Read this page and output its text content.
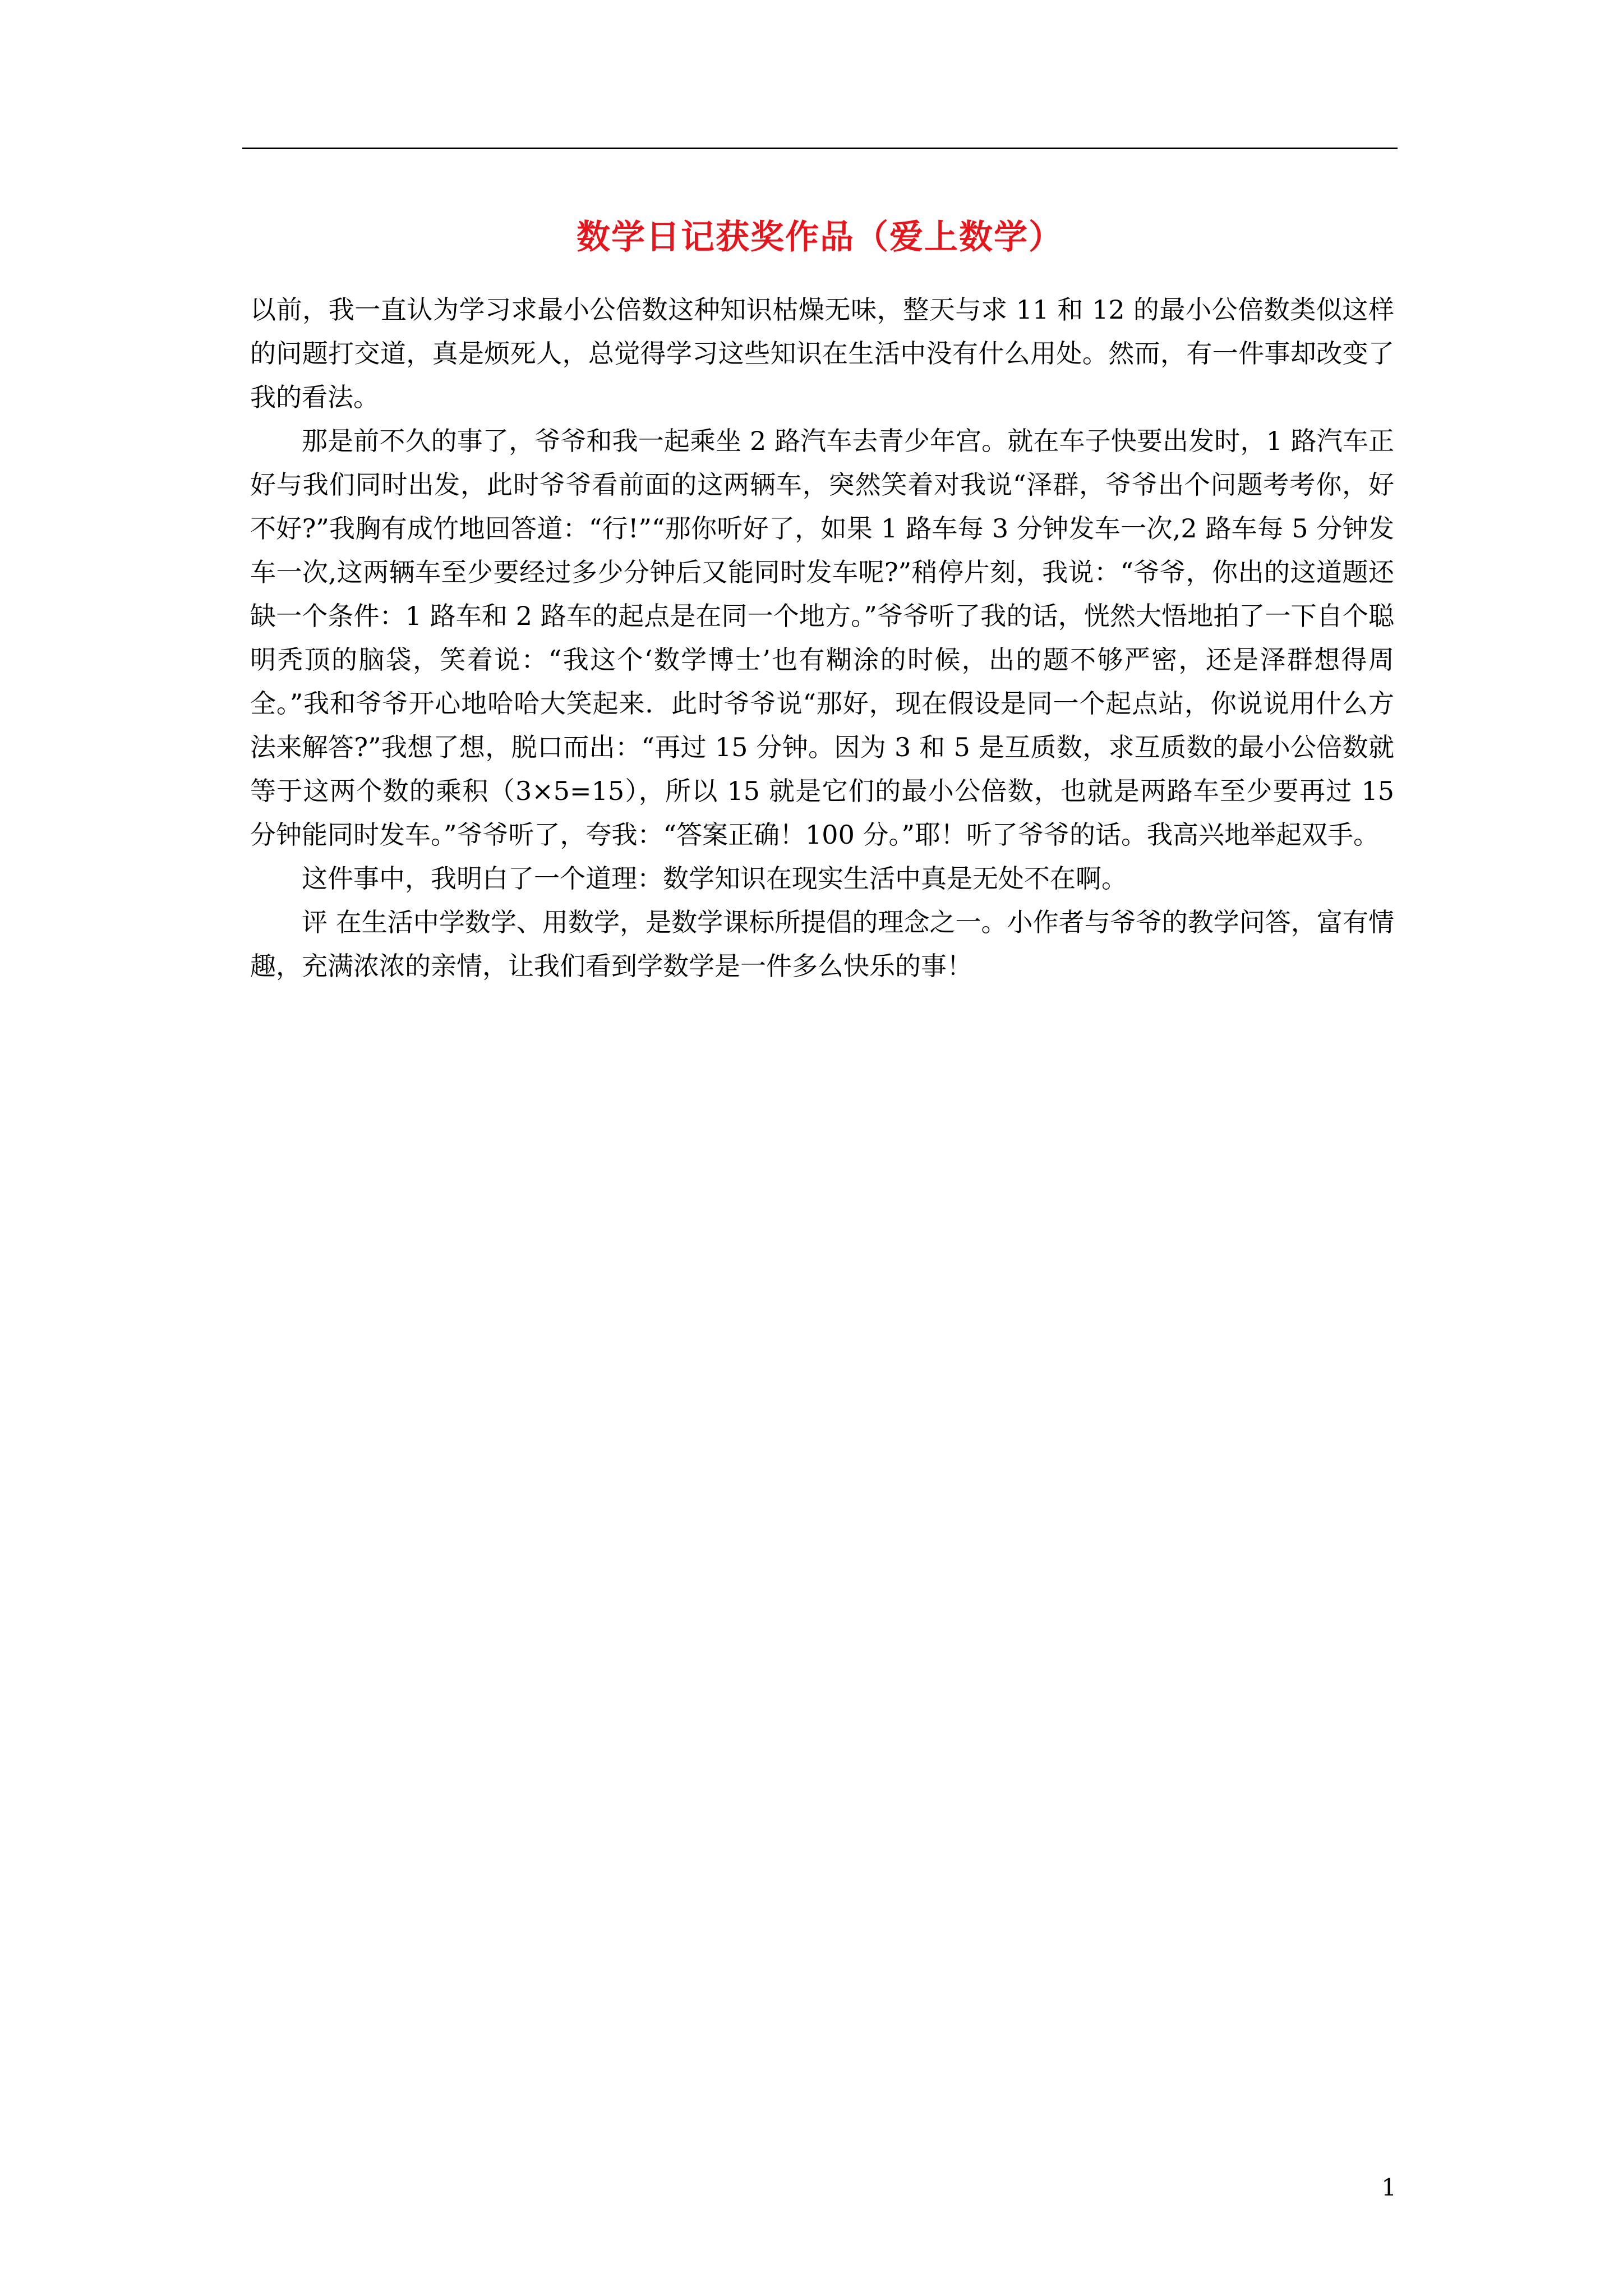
数学日记获奖作品（爱上数学）

以前，我一直认为学习求最小公倍数这种知识枯燥无味，整天与求 11 和 12 的最小公倍数类似这样的问题打交道，真是烦死人，总觉得学习这些知识在生活中没有什么用处。然而，有一件事却改变了我的看法。

那是前不久的事了，爷爷和我一起乘坐 2 路汽车去青少年宫。就在车子快要出发时，1 路汽车正好与我们同时出发，此时爷爷看前面的这两辆车，突然笑着对我说“泽群，爷爷出个问题考考你，好不好?”我胸有成竹地回答道：“行!”“那你听好了，如果 1 路车每 3 分钟发车一次,2 路车每 5 分钟发车一次,这两辆车至少要经过多少分钟后又能同时发车呢?”稍停片刻，我说：“爷爷，你出的这道题还缺一个条件：1 路车和 2 路车的起点是在同一个地方。”爷爷听了我的话，恍然大悟地拍了一下自个聪明秃顶的脑袋，笑着说：“我这个‘数学博士’也有糊涂的时候，出的题不够严密，还是泽群想得周全。”我和爷爷开心地哈哈大笑起来．此时爷爷说“那好，现在假设是同一个起点站，你说说用什么方法来解答?”我想了想，脱口而出：“再过 15 分钟。因为 3 和 5 是互质数，求互质数的最小公倍数就等于这两个数的乘积（3×5=15），所以 15 就是它们的最小公倍数，也就是两路车至少要再过 15 分钟能同时发车。”爷爷听了，夸我：“答案正确！100 分。”耶！听了爷爷的话。我高兴地举起双手。

这件事中，我明白了一个道理：数学知识在现实生活中真是无处不在啊。

评 在生活中学数学、用数学，是数学课标所提倡的理念之一。小作者与爷爷的教学问答，富有情趣，充满浓浓的亲情，让我们看到学数学是一件多么快乐的事！

1
